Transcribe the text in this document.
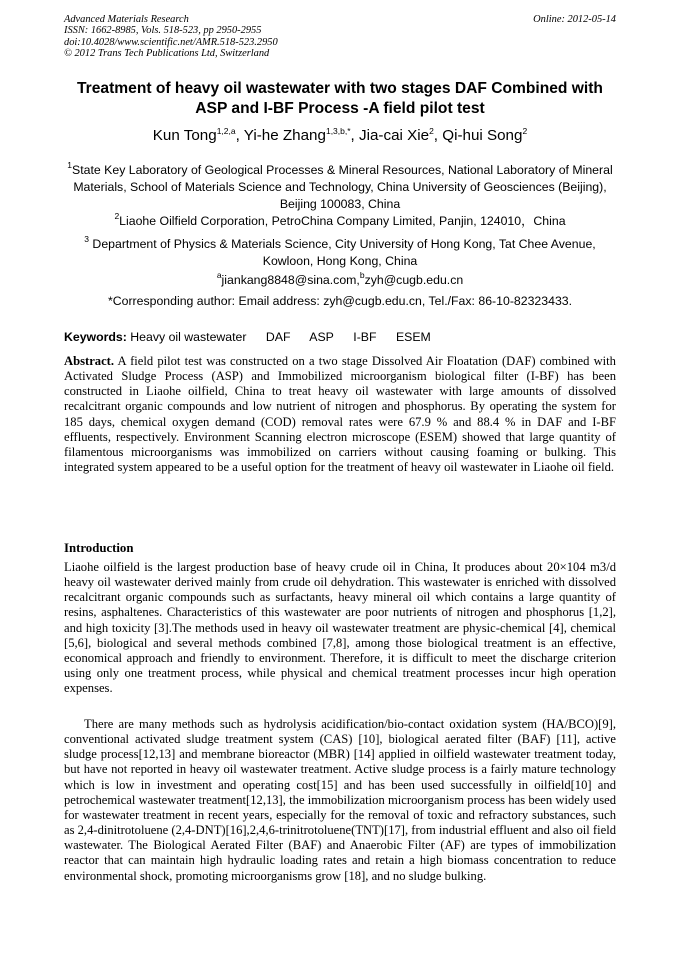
Advanced Materials Research
ISSN: 1662-8985, Vols. 518-523, pp 2950-2955
doi:10.4028/www.scientific.net/AMR.518-523.2950
© 2012 Trans Tech Publications Ltd, Switzerland
Online: 2012-05-14
Treatment of heavy oil wastewater with two stages DAF Combined with ASP and I-BF Process -A field pilot test
Kun Tong$^{1,2,a}$, Yi-he Zhang$^{1,3,b,*}$, Jia-cai Xie$^2$, Qi-hui Song$^2$
$^1$State Key Laboratory of Geological Processes & Mineral Resources, National Laboratory of Mineral Materials, School of Materials Science and Technology, China University of Geosciences (Beijing), Beijing 100083, China
$^2$Liaohe Oilfield Corporation, PetroChina Company Limited, Panjin, 124010，China
$^3$ Department of Physics & Materials Science, City University of Hong Kong, Tat Chee Avenue, Kowloon, Hong Kong, China
$^a$jiankang8848@sina.com,$^b$zyh@cugb.edu.cn
*Corresponding author: Email address: zyh@cugb.edu.cn, Tel./Fax: 86-10-82323433.
Keywords: Heavy oil wastewater DAF ASP I-BF ESEM
Abstract. A field pilot test was constructed on a two stage Dissolved Air Floatation (DAF) combined with Activated Sludge Process (ASP) and Immobilized microorganism biological filter (I-BF) has been constructed in Liaohe oilfield, China to treat heavy oil wastewater with large amounts of dissolved recalcitrant organic compounds and low nutrient of nitrogen and phosphorus. By operating the system for 185 days, chemical oxygen demand (COD) removal rates were 67.9 % and 88.4 % in DAF and I-BF effluents, respectively. Environment Scanning electron microscope (ESEM) showed that large quantity of filamentous microorganisms was immobilized on carriers without causing foaming or bulking. This integrated system appeared to be a useful option for the treatment of heavy oil wastewater in Liaohe oil field.
Introduction
Liaohe oilfield is the largest production base of heavy crude oil in China, It produces about 20×104 m3/d heavy oil wastewater derived mainly from crude oil dehydration. This wastewater is enriched with dissolved recalcitrant organic compounds such as surfactants, heavy mineral oil which contains a large quantity of resins, asphaltenes. Characteristics of this wastewater are poor nutrients of nitrogen and phosphorus [1,2], and high toxicity [3].The methods used in heavy oil wastewater treatment are physic-chemical [4], chemical [5,6], biological and several methods combined [7,8], among those biological treatment is an effective, economical approach and friendly to environment. Therefore, it is difficult to meet the discharge criterion using only one treatment process, while physical and chemical treatment processes incur high operation expenses.
There are many methods such as hydrolysis acidification/bio-contact oxidation system (HA/BCO)[9], conventional activated sludge treatment system (CAS) [10], biological aerated filter (BAF) [11], active sludge process[12,13] and membrane bioreactor (MBR) [14] applied in oilfield wastewater treatment today, but have not reported in heavy oil wastewater treatment. Active sludge process is a fairly mature technology which is low in investment and operating cost[15] and has been used successfully in oilfield[10] and petrochemical wastewater treatment[12,13], the immobilization microorganism process has been widely used for wastewater treatment in recent years, especially for the removal of toxic and refractory substances, such as 2,4-dinitrotoluene (2,4-DNT)[16],2,4,6-trinitrotoluene(TNT)[17], from industrial effluent and also oil field wastewater. The Biological Aerated Filter (BAF) and Anaerobic Filter (AF) are types of immobilization reactor that can maintain high hydraulic loading rates and retain a high biomass concentration to reduce environmental shock, promoting microorganisms grow [18], and no sludge bulking.
